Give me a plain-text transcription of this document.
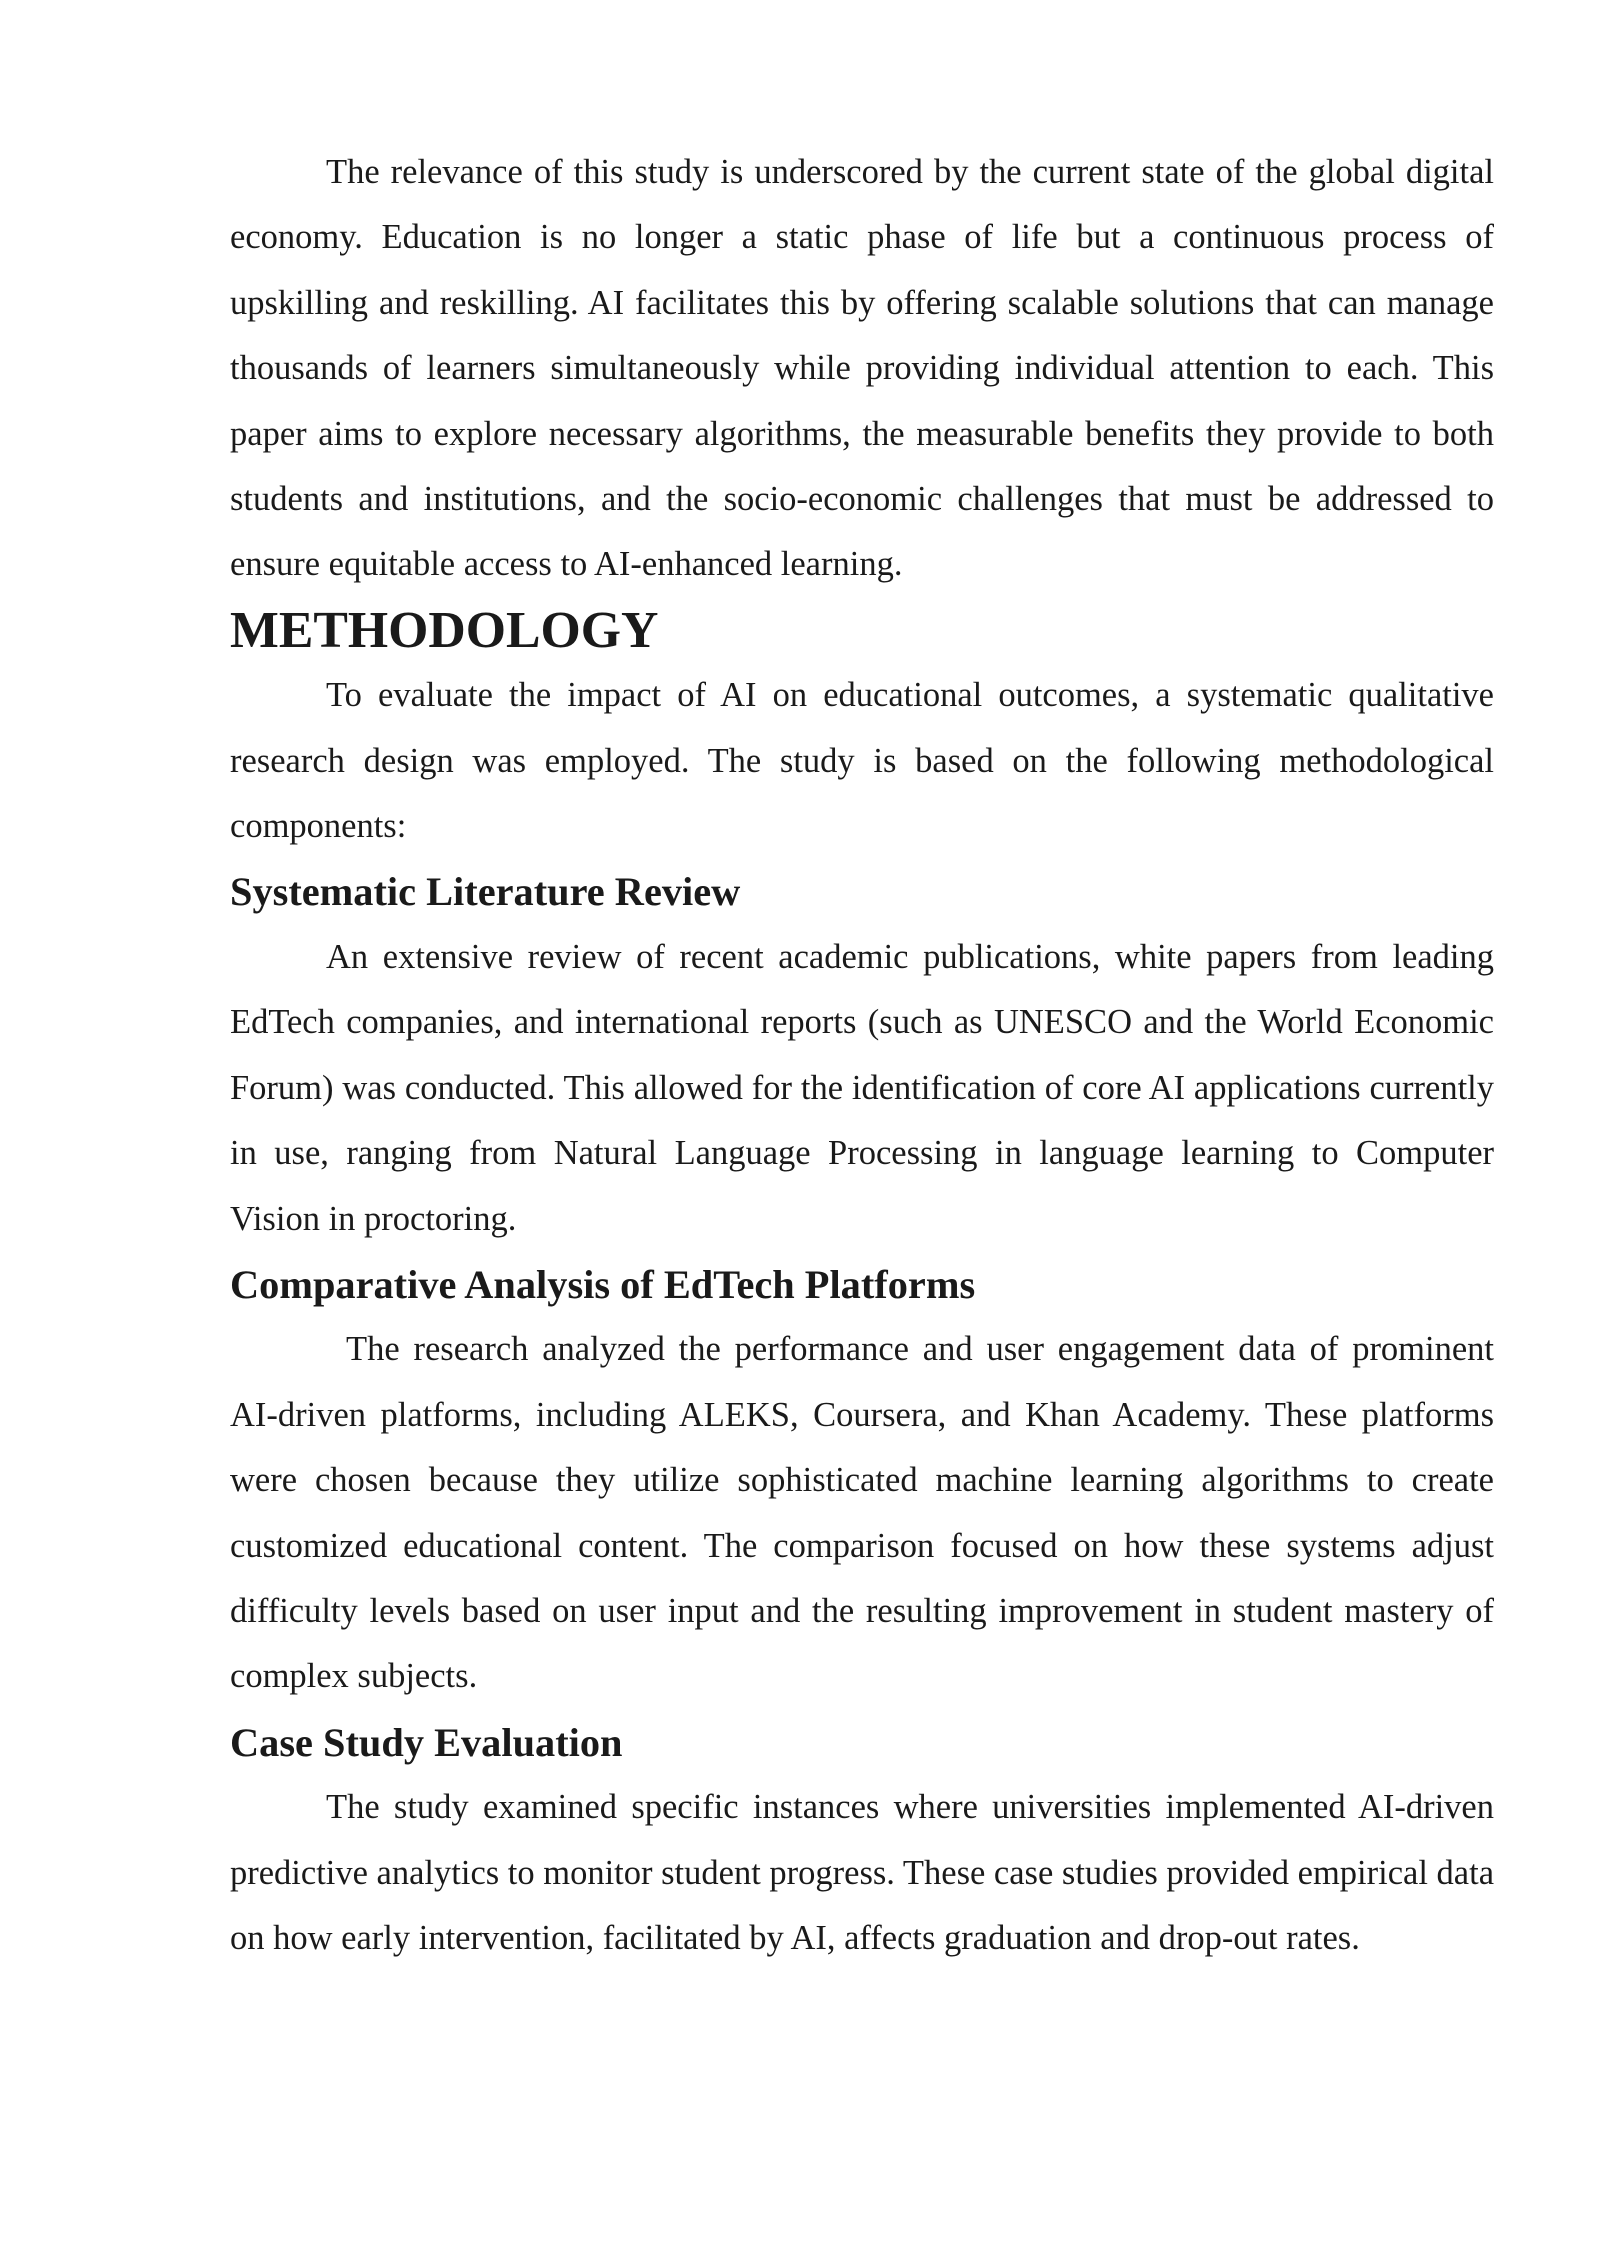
The relevance of this study is underscored by the current state of the global digital economy. Education is no longer a static phase of life but a continuous process of upskilling and reskilling. AI facilitates this by offering scalable solutions that can manage thousands of learners simultaneously while providing individual attention to each. This paper aims to explore necessary algorithms, the measurable benefits they provide to both students and institutions, and the socio-economic challenges that must be addressed to ensure equitable access to AI-enhanced learning.

METHODOLOGY

To evaluate the impact of AI on educational outcomes, a systematic qualitative research design was employed. The study is based on the following methodological components:

Systematic Literature Review

An extensive review of recent academic publications, white papers from leading EdTech companies, and international reports (such as UNESCO and the World Economic Forum) was conducted. This allowed for the identification of core AI applications currently in use, ranging from Natural Language Processing in language learning to Computer Vision in proctoring.

Comparative Analysis of EdTech Platforms

The research analyzed the performance and user engagement data of prominent AI-driven platforms, including ALEKS, Coursera, and Khan Academy. These platforms were chosen because they utilize sophisticated machine learning algorithms to create customized educational content. The comparison focused on how these systems adjust difficulty levels based on user input and the resulting improvement in student mastery of complex subjects.

Case Study Evaluation

The study examined specific instances where universities implemented AI-driven predictive analytics to monitor student progress. These case studies provided empirical data on how early intervention, facilitated by AI, affects graduation and drop-out rates.
